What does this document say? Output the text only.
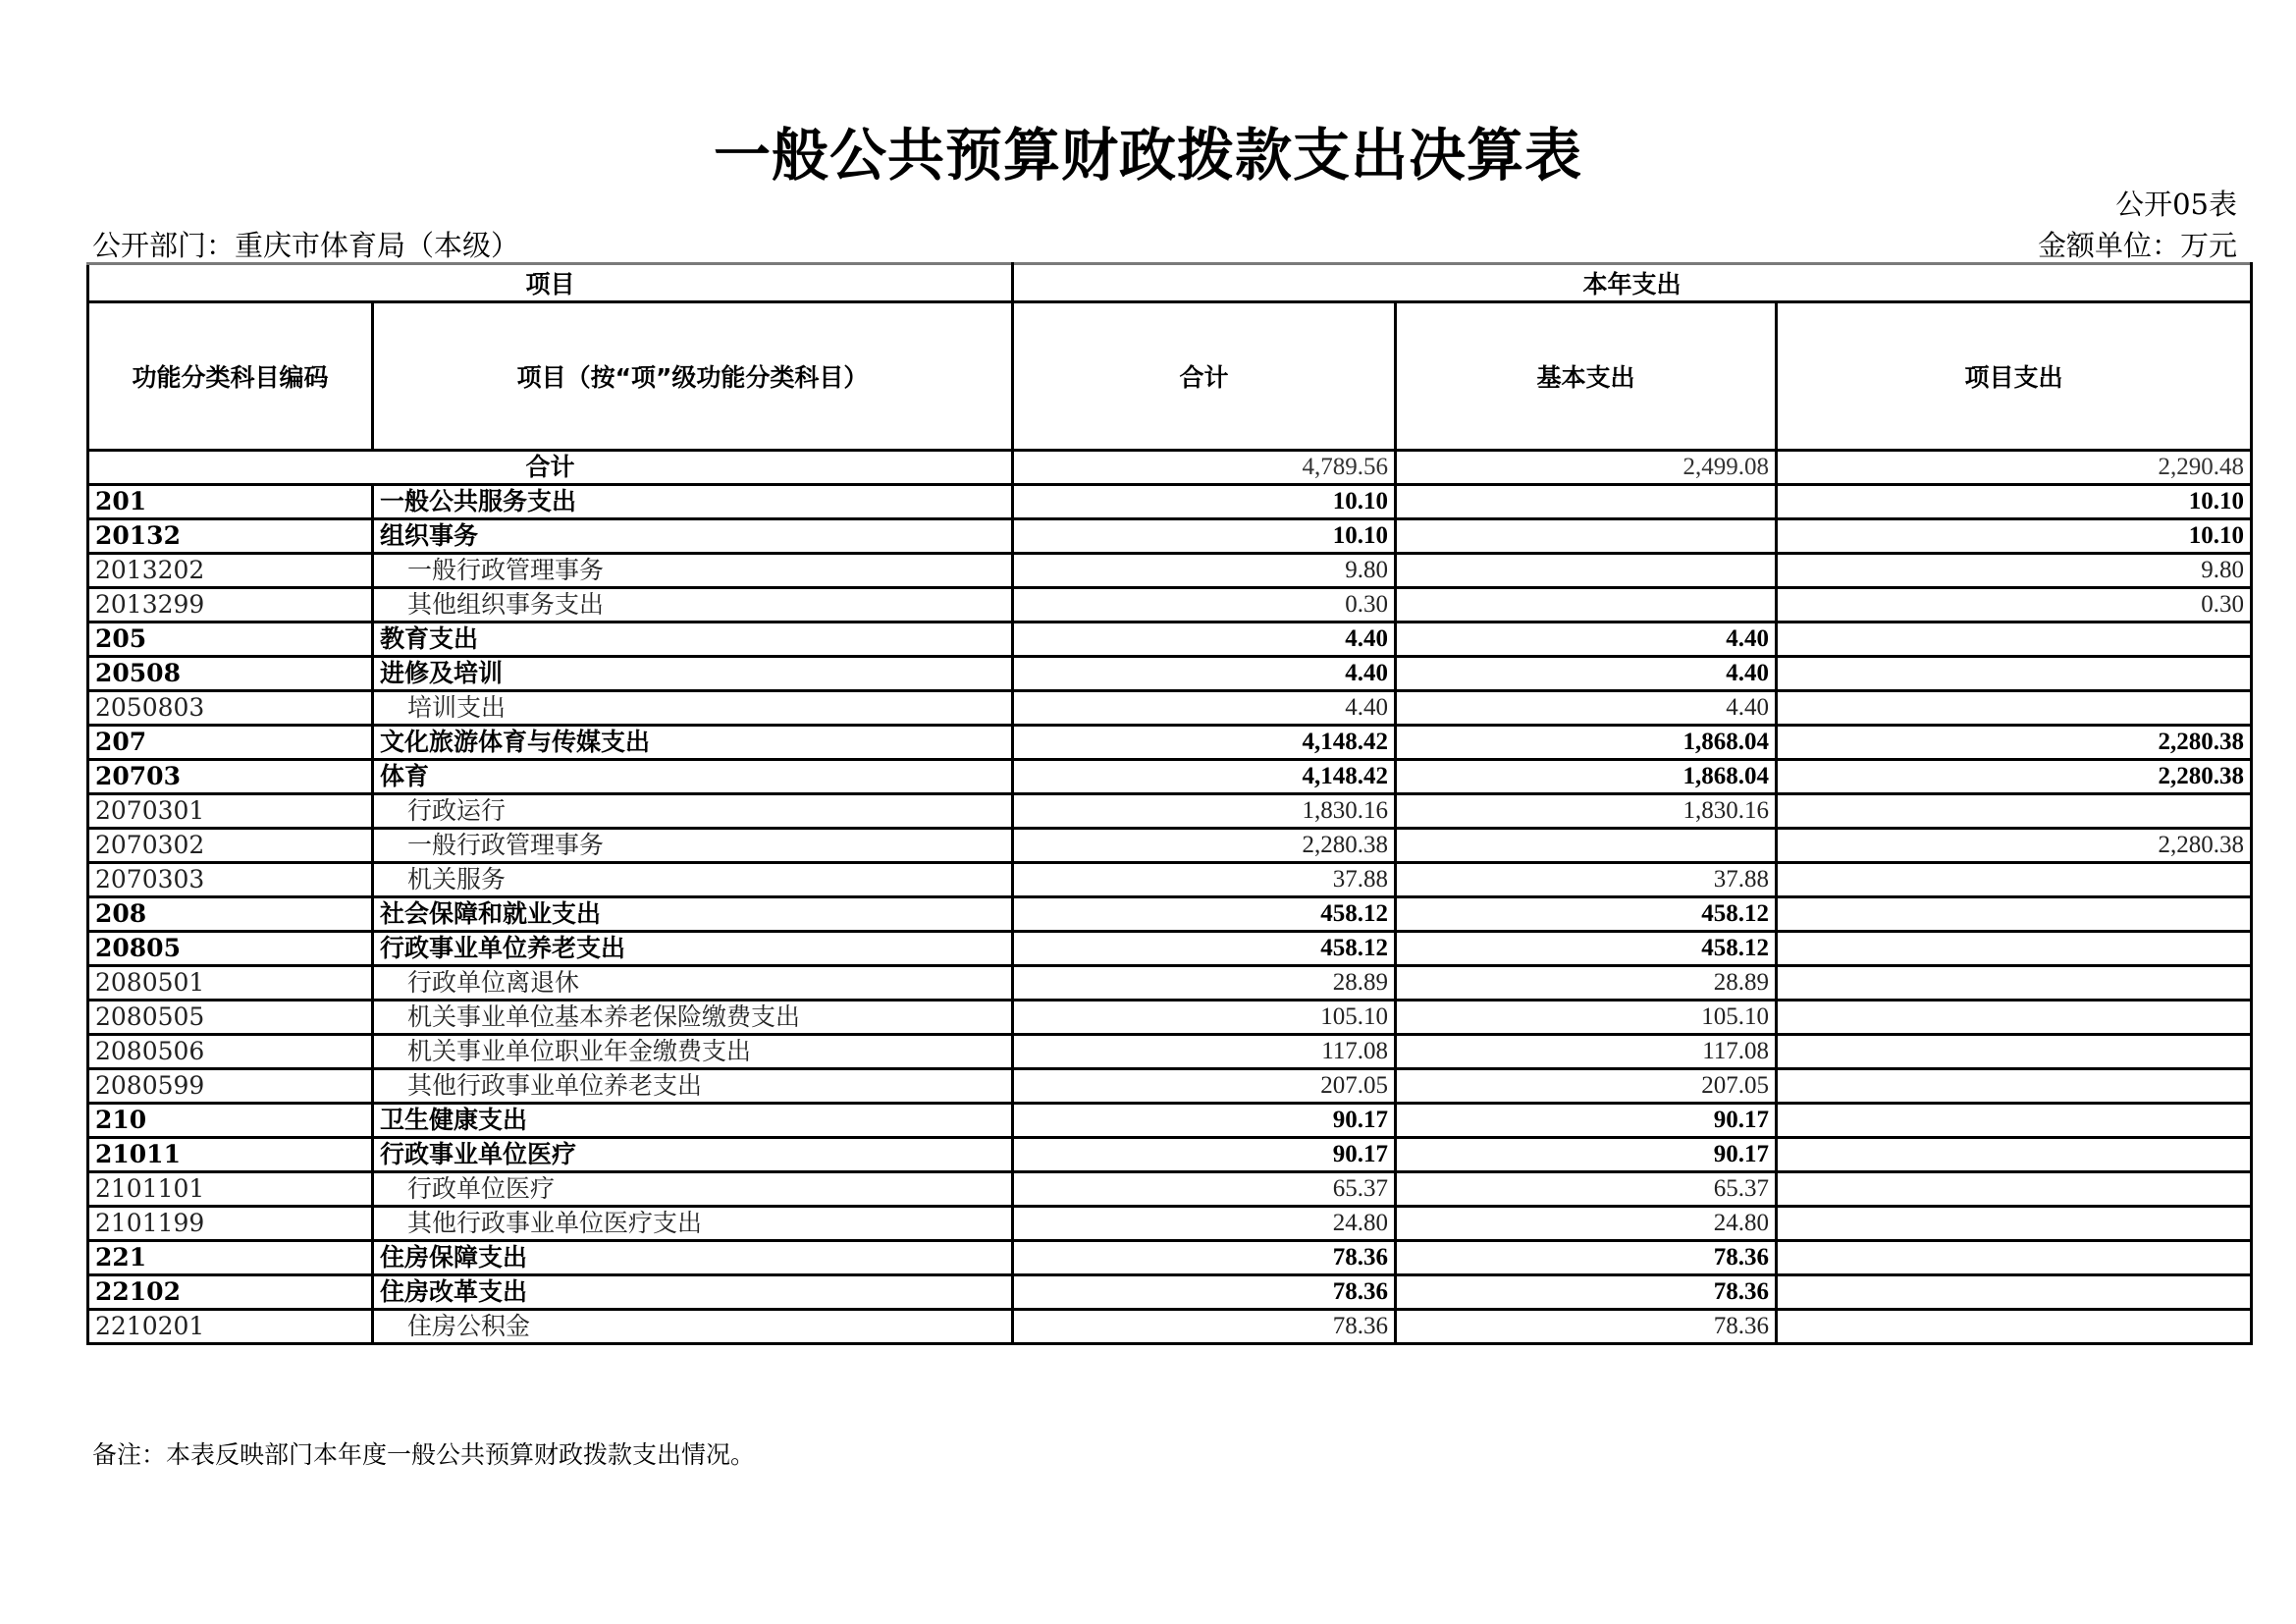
一般公共预算财政拨款支出决算表
公开05表
公开部门：重庆市体育局（本级）	金额单位：万元
项目		本年支出		
功能分类科目编码	项目（按“项”级功能分类科目）	合计	基本支出	项目支出
合计		4,789.56	2,499.08	2,290.48
201	一般公共服务支出	10.10		10.10
20132	组织事务	10.10		10.10
2013202	一般行政管理事务	9.80		9.80
2013299	其他组织事务支出	0.30		0.30
205	教育支出	4.40	4.40	
20508	进修及培训	4.40	4.40	
2050803	培训支出	4.40	4.40	
207	文化旅游体育与传媒支出	4,148.42	1,868.04	2,280.38
20703	体育	4,148.42	1,868.04	2,280.38
2070301	行政运行	1,830.16	1,830.16	
2070302	一般行政管理事务	2,280.38		2,280.38
2070303	机关服务	37.88	37.88	
208	社会保障和就业支出	458.12	458.12	
20805	行政事业单位养老支出	458.12	458.12	
2080501	行政单位离退休	28.89	28.89	
2080505	机关事业单位基本养老保险缴费支出	105.10	105.10	
2080506	机关事业单位职业年金缴费支出	117.08	117.08	
2080599	其他行政事业单位养老支出	207.05	207.05	
210	卫生健康支出	90.17	90.17	
21011	行政事业单位医疗	90.17	90.17	
2101101	行政单位医疗	65.37	65.37	
2101199	其他行政事业单位医疗支出	24.80	24.80	
221	住房保障支出	78.36	78.36	
22102	住房改革支出	78.36	78.36	
2210201	住房公积金	78.36	78.36	
备注：本表反映部门本年度一般公共预算财政拨款支出情况。
